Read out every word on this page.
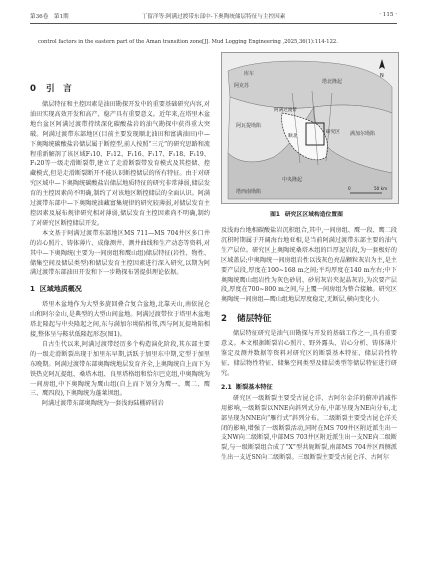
第36卷　第1期	丁留洋等:阿满过渡带东部中-下奥陶统储层特征与主控因素	· 115 ·
control factors in the eastern part of the Aman transition zone[J]. Mud Logging Engineering ,2025,36(1):114-122.
0 引　言

储层特征和主控因素是油田勘探开发中的重要基础研究内容,对油田实现高效开发和高产、稳产具有重要意义。近年来,在塔里木盆地台盆区阿满过渡带持续深化碳酸盐岩的油气勘探中获得重大突破。阿满过渡带东部地区(目前主要发现顺北油田和富满油田)中—下奥陶统碳酸盐岩储层属于断控型,前人按照“三元”的研究思路和流程重新解剖了该区域F₁10、F₁12、F₁16、F₁17、F₁18、F₁19、F₁20等一级走滑断裂带,建立了走滑断裂带发育模式及其控储、控藏模式,但是走滑断裂断开不能认识断控储层的所有特征。由于对研究区域中—下奥陶统碳酸盐岩储层地质特征的研究非常薄弱,储层发育的主控因素尚不明确,制约了对该地区断控储层的全面认识。阿满过渡带东部中—下奥陶统油藏富集规律的研究较薄弱,对储层发育主控因素及展布规律研究相对薄弱,储层发育主控因素尚不明确,制约了对研究区断控储层开发。

本文基于阿满过渡带东部地区MS 711—MS 704井区多口井的岩心照片、铸体薄片、成像测井、测井曲线和生产动态等资料,对其中—下奥陶统(主要为一间房组和鹰山组)储层特征(岩性、物性、储集空间及储层类型)和储层发育主控因素进行深入研究,以期为阿满过渡带东部油田开发和下一步勘探布署提供理论依据。

1 区域地质概况

塔里木盆地作为大型多旋回叠合复合盆地,北靠天山,南依昆仑山和阿尔金山,是典型的大型山间盆地。阿满过渡带位于塔里木盆地塔北隆起与中央隆起之间,东与满加尔坳陷相邻,西与阿瓦提坳陷相接,整体呈与鞍状低隆起形态(图1)。

自古生代以来,阿满过渡带经历多个构造演化阶段,其东部主要的一级走滑断裂出现于加里东早期,活跃于加里东中期,定型于加里东晚期。阿满过渡带东部奥陶统地层发育齐全,上奥陶统自上而下为铁热克阿瓦提组、桑塔木组、良里塔格组和恰尔巴克组,中奥陶统为一间房组,中下奥陶统为鹰山组(自上而下划分为鹰一、鹰二、鹰三、鹰四段),下奥陶统为蓬莱坝组。

阿满过渡带东部奥陶统为一套浅海陆棚碎屑岩

库车
阿克苏
塔北隆起
满加尔坳陷
阿瓦提坳陷
阿满过渡带
顺北
研究区
中央隆起
塔西南坳陷
N
0	50 km
图1 研究区区域构造位置图

及浅海台地相碳酸盐岩沉积组合,其中,一间房组、鹰一段、鹰二段沉积时期属于开阔海台地亚相,是当前阿满过渡带东部主要的油气生产层位。研究区上奥陶统桑塔木组的巨厚泥岩段,为一套极好的区域盖层;中奥陶统一间房组岩性以浅灰色亮晶颗粒灰岩为主,是主要产层段,厚度在100~168 m之间;平均厚度在140 m左右;中下奥陶统鹰山组岩性为灰色砂屑、砂屑灰岩夹泥晶灰岩,为次要产层段,厚度在700~800 m之间,与上覆一间房组为整合接触。研究区奥陶统一间房组—鹰山组地层厚度稳定,无断层,横向变化小。

2 储层特征

储层特征研究是油气田勘探与开发的基础工作之一,具有重要意义。本文根据断裂岩心照片、野外露头、岩心分析、铸体薄片鉴定及测井数据等资料对研究区的断裂基本特征、储层岩性特征、储层物性特征、储集空间类型及储层类型等储层特征进行研究。

2.1 断裂基本特征

研究区一级断裂主要受古昆仑洋、古阿尔金洋的俯冲消减作用影响,一级断裂以NNE向斜列式分布,中部呈现为NE向分布,北部呈现为NNE向“雁行式”斜列分布。二级断裂主要受古昆仑洋关闭的影响,增强了一级断裂活动,同时在MS 709井区附近派生出一支NW向二级断裂,中部MS 703井区附近派生出一支NE向二级断裂,与一级断裂组合成了“X”型共轭断裂,南部MS 704井区西侧派生出一支近SN向二级断裂。三级断裂主要受古昆仑洋、古阿尔
